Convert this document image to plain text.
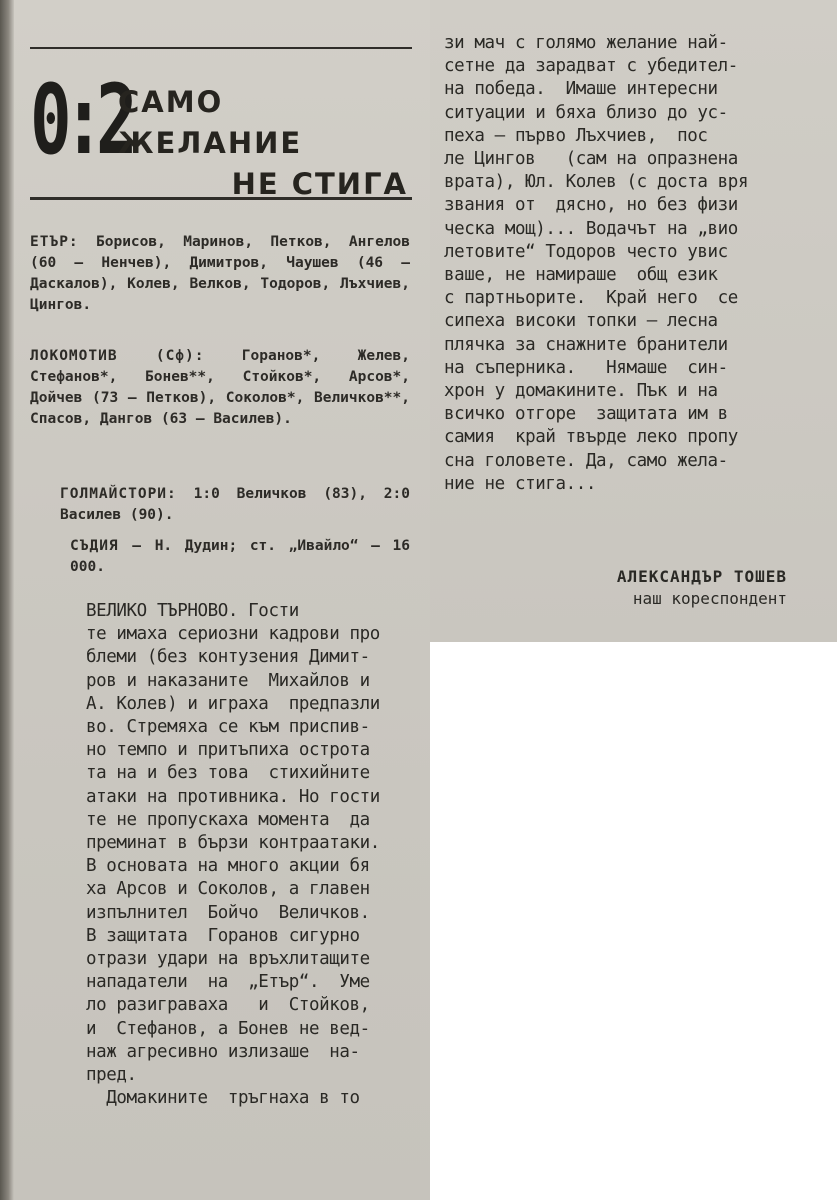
0:2
САМО ЖЕЛАНИЕ
НЕ СТИГА
ЕТЪР: Борисов, Маринов, Петков, Ангелов (60 — Ненчев), Димитров, Чаушев (46 — Даскалов), Колев, Велков, Тодоров, Лъхчиев, Цингов.
ЛОКОМОТИВ (Сф):	Горанов*, Желев, Стефанов*, Бонев**, Стойков*, Арсов*, Дойчев (73 — Петков), Соколов*, Величков**, Спасов, Дангов (63 — Василев).
ГОЛМАЙСТОРИ: 1:0 Величков (83), 2:0 Василев (90).
СЪДИЯ — Н. Дудин; ст. „Ивайло“ — 16 000.
ВЕЛИКО ТЪРНОВО. Гости
те имаха сериозни кадрови про
блеми (без контузения Димит-
ров и наказаните  Михайлов и
А. Колев) и играха  предпазли
во. Стремяха се към приспив-
но темпо и притъпиха острота
та на и без това  стихийните
атаки на противника. Но гости
те не пропускаха момента  да
преминат в бързи контраатаки.
В основата на много акции бя
ха Арсов и Соколов, а главен
изпълнител  Бойчо  Величков.
В защитата  Горанов сигурно
отрази удари на връхлитащите
нападатели  на  „Етър“.  Уме
ло разиграваха   и  Стойков,
и  Стефанов, а Бонев не вед-
наж агресивно излизаше  на-
пред.
Домакините  тръгнаха в то
зи мач с голямо желание най-
сетне да зарадват с убедител-
на победа.  Имаше интересни
ситуации и бяха близо до ус-
пеха — първо Лъхчиев,  пос
ле Цингов   (сам на опразнена
врата), Юл. Колев (с доста вря
звания от  дясно, но без физи
ческа мощ)... Водачът на „вио
летовите“ Тодоров често увис
ваше, не намираше  общ език
с партньорите.  Край него  се
сипеха високи топки — лесна
плячка за снажните бранители
на съперника.   Нямаше  син-
хрон у домакините. Пък и на
всичко отгоре  защитата им в
самия  край твърде леко пропу
сна головете. Да, само жела-
ние не стига...
АЛЕКСАНДЪР ТОШЕВ
наш кореспондент
